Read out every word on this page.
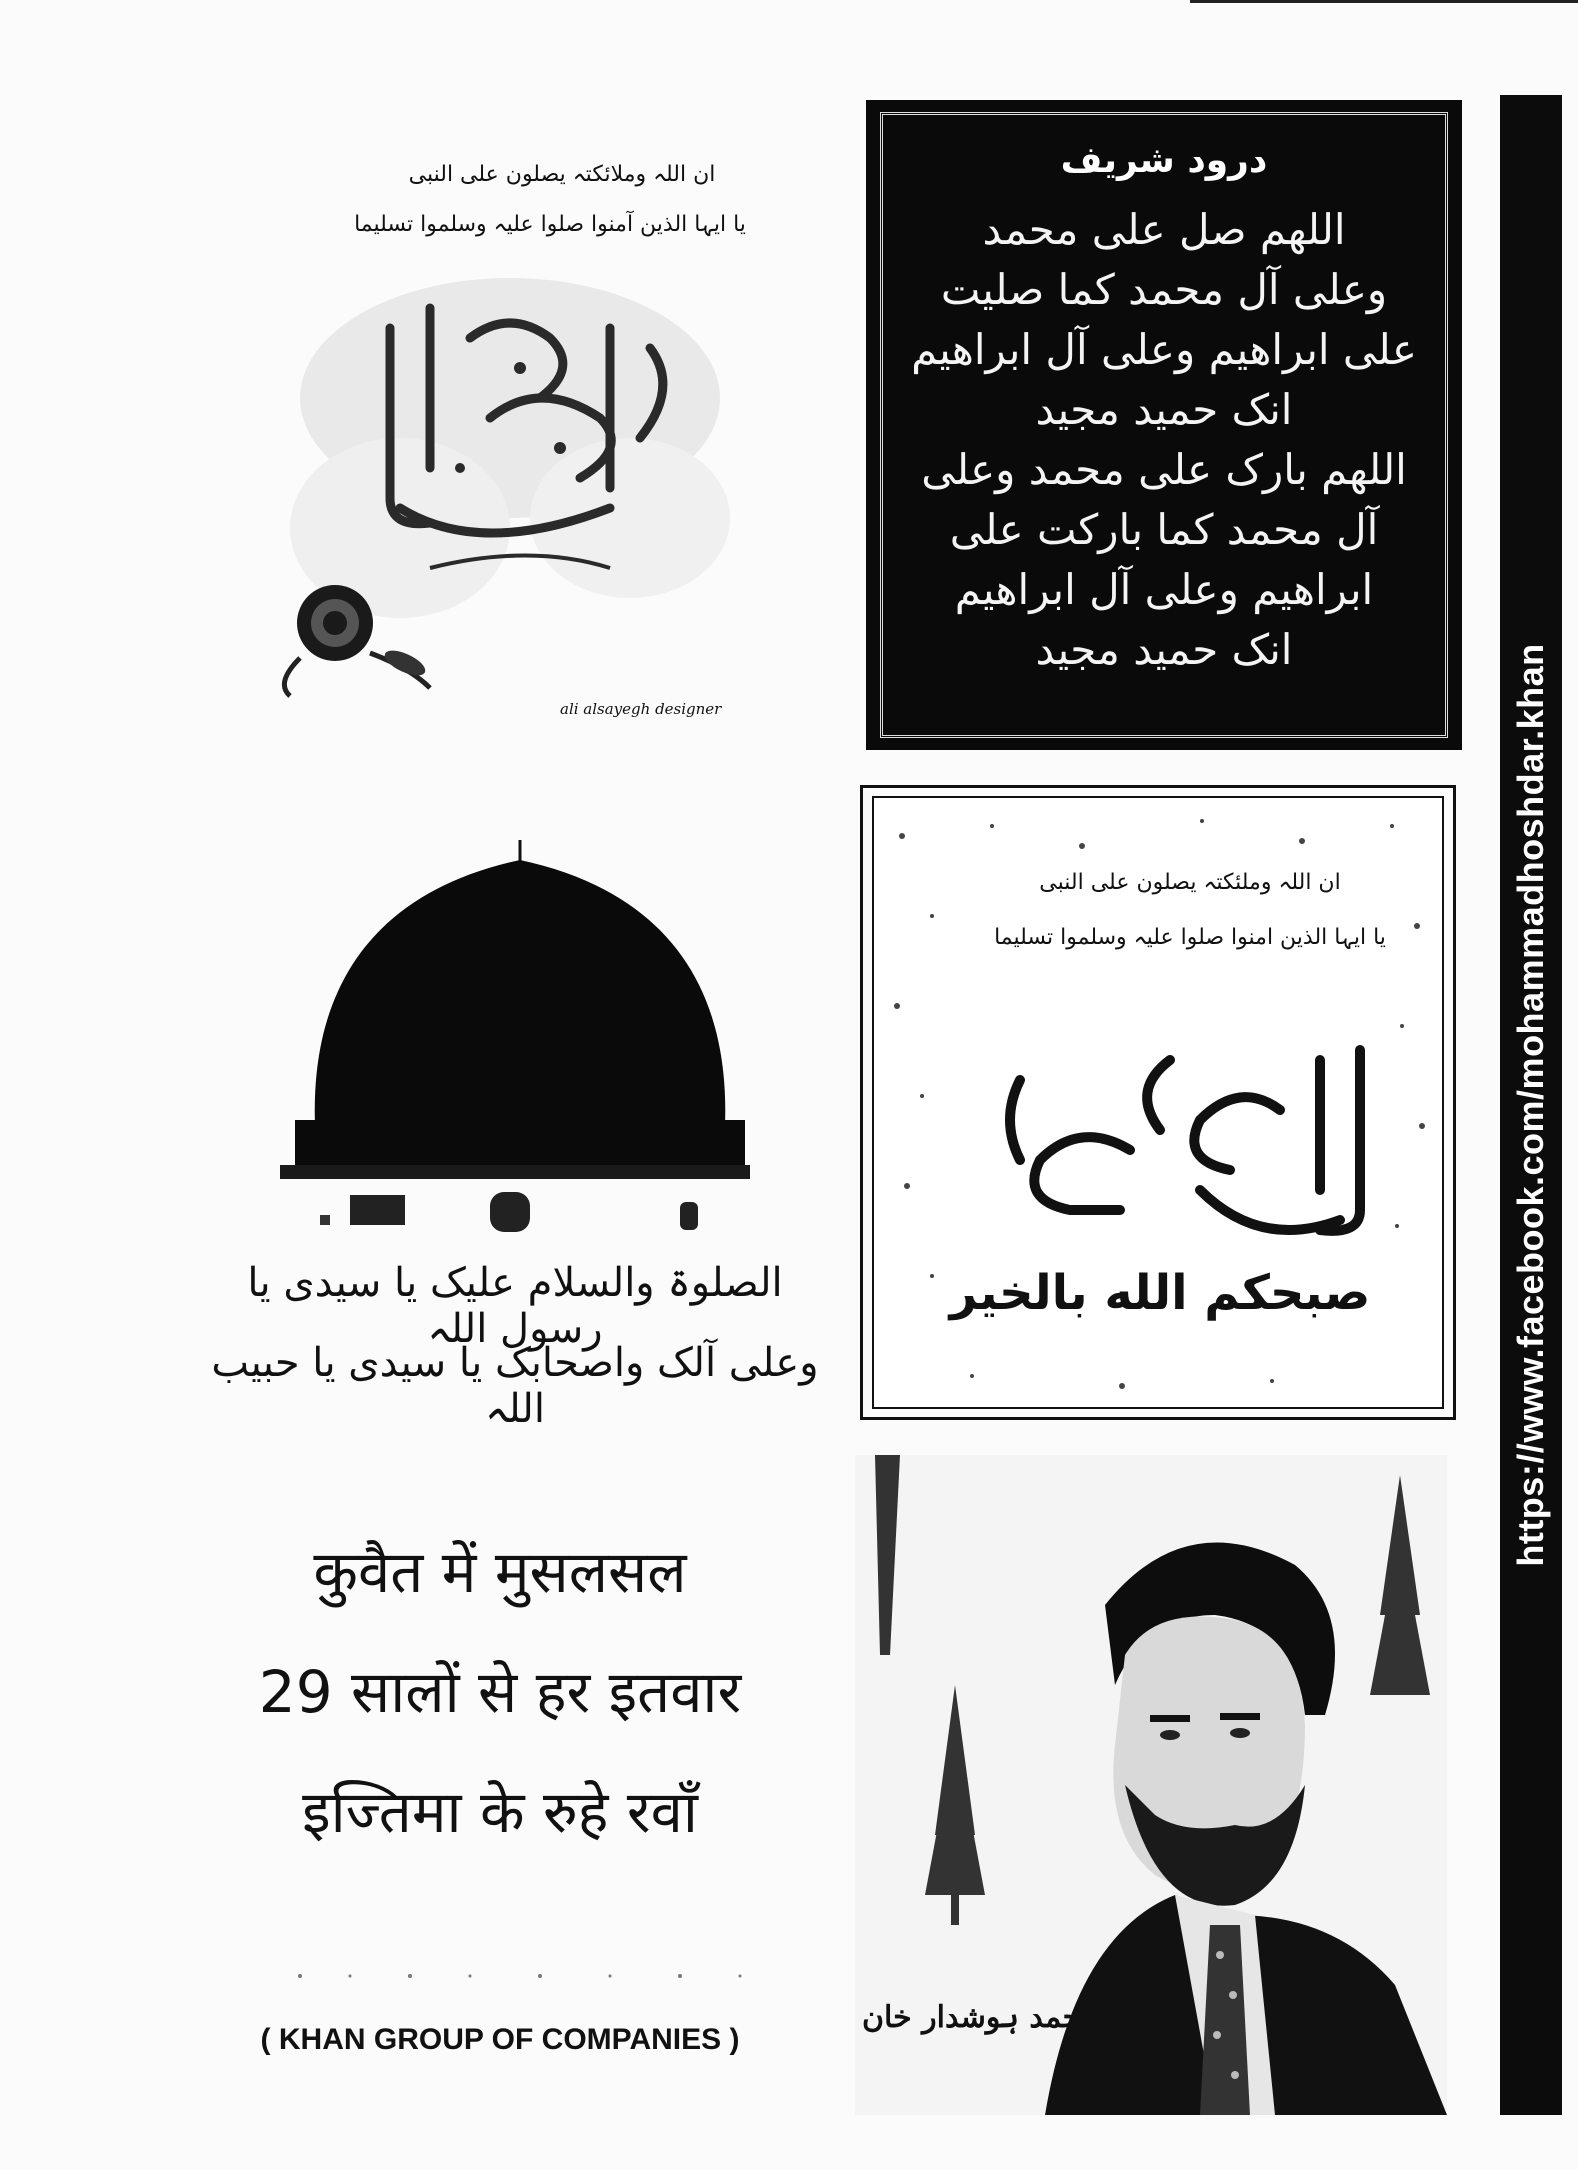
https://www.facebook.com/mohammadhoshdar.khan
ان اللہ وملائکتہ یصلون علی النبی
یا ایہا الذین آمنوا صلوا علیہ وسلموا تسلیما
ali alsayegh designer
درود شریف
اللھم صل علی محمد
وعلی آل محمد کما صلیت
علی ابراھیم وعلی آل ابراھیم
انک حمید مجید
اللھم بارک علی محمد وعلی
آل محمد کما بارکت علی
ابراھیم وعلی آل ابراھیم
انک حمید مجید
الصلوۃ والسلام علیک یا سیدی یا رسول اللہ
وعلی آلک واصحابک یا سیدی یا حبیب اللہ
ان اللہ وملئکتہ یصلون علی النبی
یا ایہا الذین امنوا صلوا علیہ وسلموا تسلیما
صبحکم الله بالخير
कुवैत में मुसलसल
29 सालों से हर इतवार
इज्तिमा के रुहे रवाँ
( KHAN GROUP OF COMPANIES )
محمد ہوشدار خان
